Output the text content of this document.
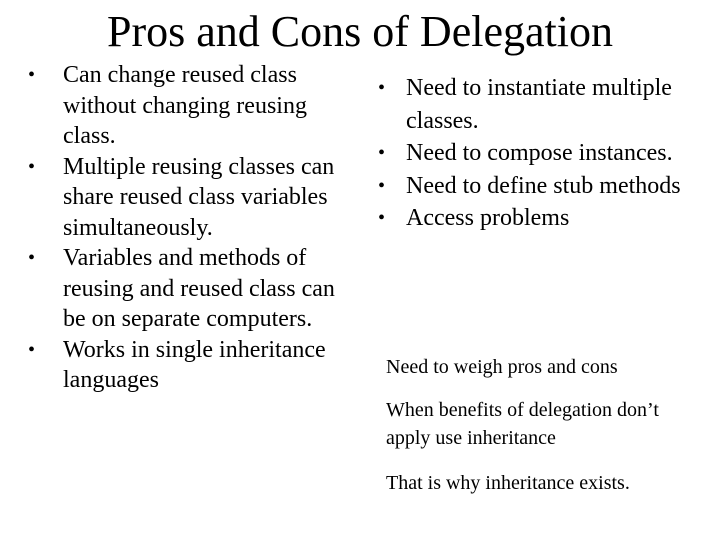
Pros and Cons of Delegation
•	Can change reused class without changing reusing class.
•	Multiple reusing classes can share reused class variables simultaneously.
•	Variables and methods of reusing and reused class can be on separate computers.
•	Works in single inheritance languages
• Need to instantiate multiple classes.
• Need to compose instances.
• Need to define stub methods
• Access problems
Need to weigh pros and cons
When benefits of delegation don’t apply use inheritance
That is why inheritance exists.
